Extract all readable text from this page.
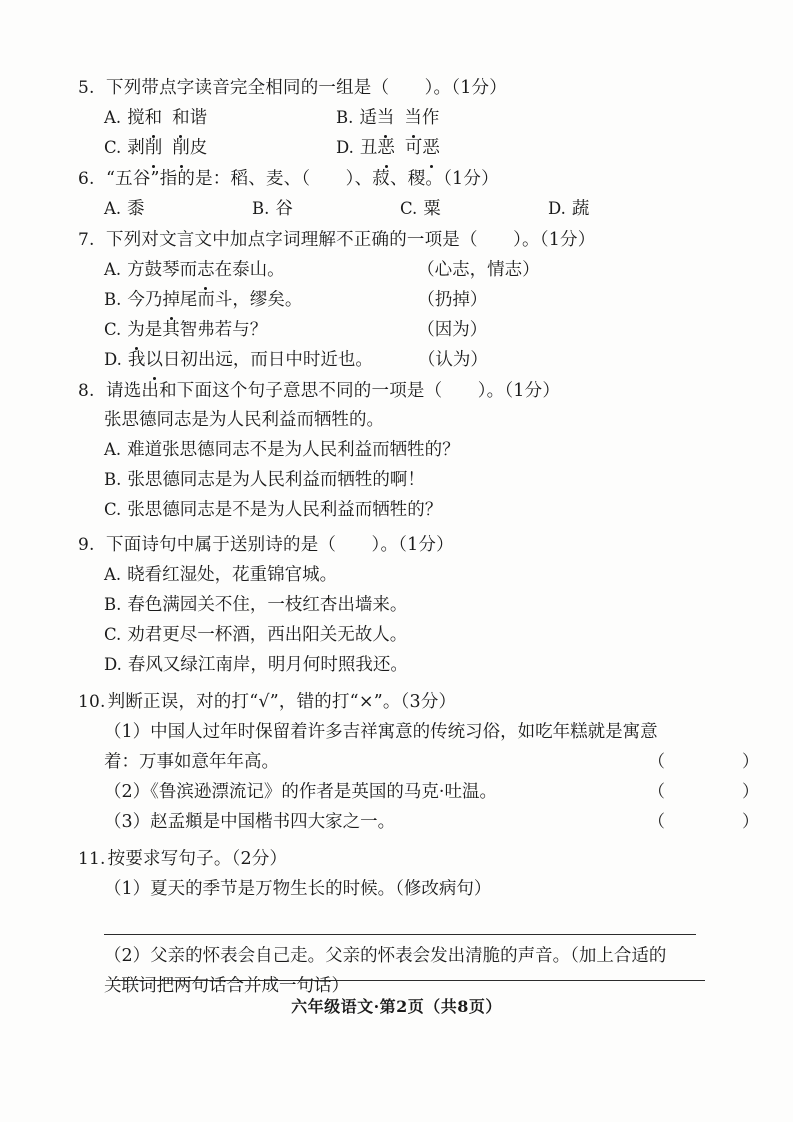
5. 下列带点字读音完全相同的一组是（　　）。（1分）
A. 搅和 和谐	B. 适当 当作
C. 剥削 削皮	D. 丑恶 可恶
6. “五谷”指的是：稻、麦、（　　）、菽、稷。（1分）
A. 黍	B. 谷	C. 粟	D. 蔬
7. 下列对文言文中加点字词理解不正确的一项是（　　）。（1分）
A. 方鼓琴而志在泰山。	（心志，情志）
B. 今乃掉尾而斗，缪矣。	（扔掉）
C. 为是其智弗若与？	（因为）
D. 我以日初出远，而日中时近也。	（认为）
8. 请选出和下面这个句子意思不同的一项是（　　）。（1分）
张思德同志是为人民利益而牺牲的。
A. 难道张思德同志不是为人民利益而牺牲的？
B. 张思德同志是为人民利益而牺牲的啊！
C. 张思德同志是不是为人民利益而牺牲的？
9. 下面诗句中属于送别诗的是（　　）。（1分）
A. 晓看红湿处，花重锦官城。
B. 春色满园关不住，一枝红杏出墙来。
C. 劝君更尽一杯酒，西出阳关无故人。
D. 春风又绿江南岸，明月何时照我还。
10. 判断正误，对的打“√”，错的打“×”。（3分）
（1） 中国人过年时保留着许多吉祥寓意的传统习俗，如吃年糕就是寓意
着：万事如意年年高。	（　）
（2）《鲁滨逊漂流记》的作者是英国的马克·吐温。	（　）
（3）赵孟頫是中国楷书四大家之一。	（　）
11. 按要求写句子。（2分）
（1） 夏天的季节是万物生长的时候。（修改病句）
（2） 父亲的怀表会自己走。父亲的怀表会发出清脆的声音。（加上合适的
关联词把两句话合并成一句话）
六年级语文·第2页（共8页）
